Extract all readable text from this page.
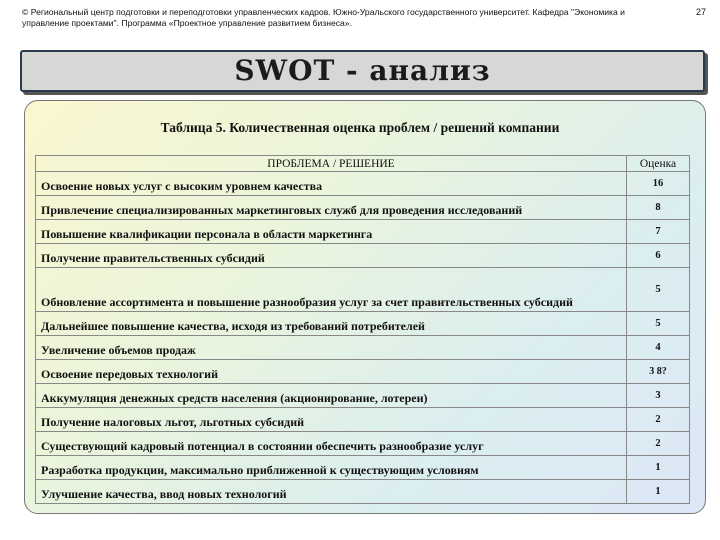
© Региональный центр подготовки и переподготовки управленческих кадров. Южно-Уральского государственного университет. Кафедра "Экономика и управление проектами". Программа «Проектное управление развитием бизнеса».
27
SWOT - анализ
Таблица 5. Количественная оценка проблем / решений компании
ПРОБЛЕМА / РЕШЕНИЕ	Оценка
Освоение новых услуг с высоким уровнем качества	16
Привлечение специализированных маркетинговых служб для проведения исследований	8
Повышение квалификации персонала в области маркетинга	7
Получение правительственных субсидий	6
Обновление ассортимента и повышение разнообразия услуг за счет правительственных субсидий	5
Дальнейшее повышение качества, исходя из требований потребителей	5
Увеличение объемов продаж	4
Освоение передовых технологий	3 8?
Аккумуляция денежных средств населения (акционирование, лотереи)	3
Получение налоговых льгот, льготных субсидий	2
Существующий кадровый потенциал в состоянии обеспечить разнообразие услуг	2
Разработка продукции, максимально приближенной к существующим условиям	1
Улучшение качества, ввод новых технологий	1
